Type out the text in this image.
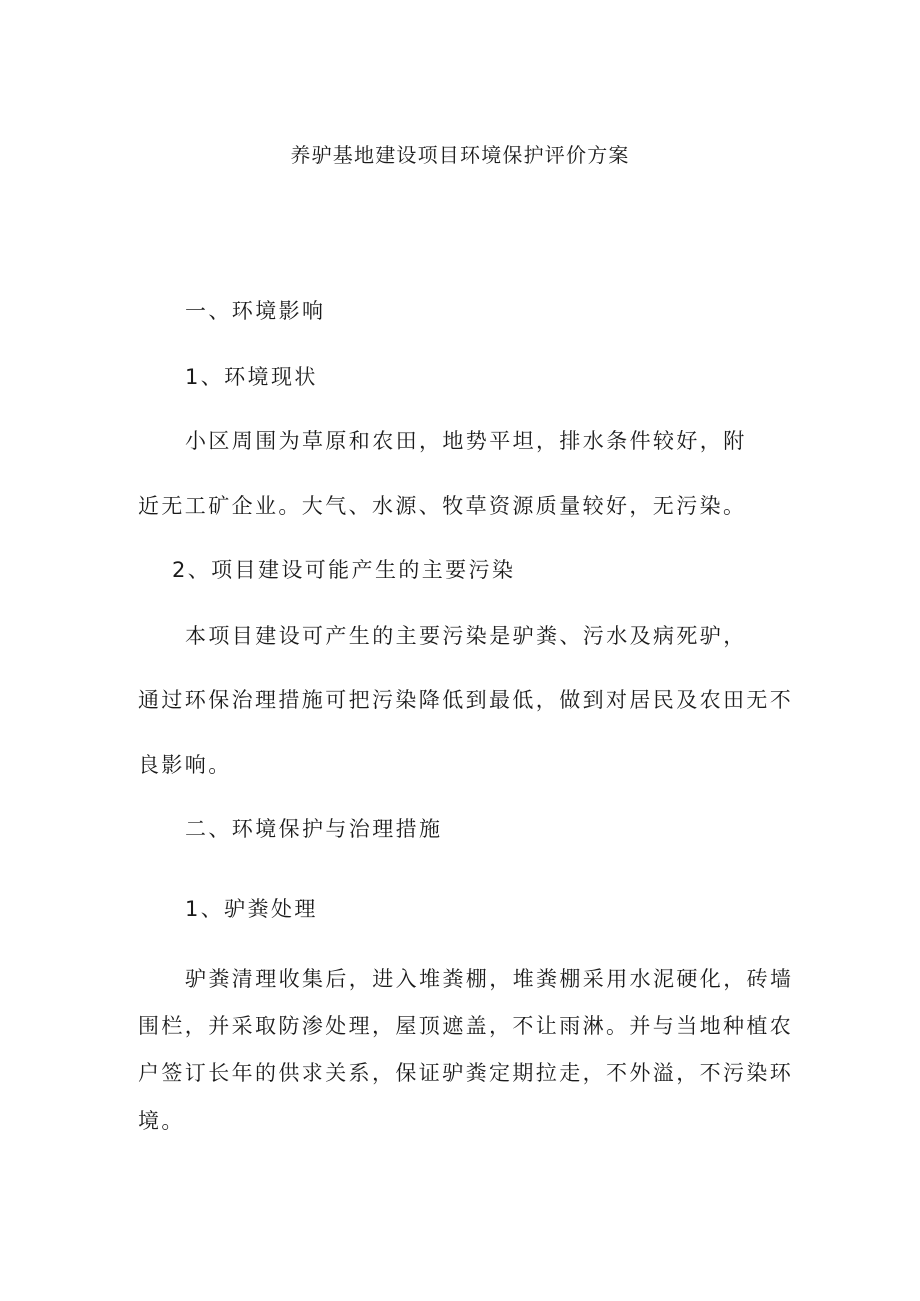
养驴基地建设项目环境保护评价方案
一、环境影响
1、环境现状
小区周围为草原和农田，地势平坦，排水条件较好，附
近无工矿企业。大气、水源、牧草资源质量较好，无污染。
2、项目建设可能产生的主要污染
本项目建设可产生的主要污染是驴粪、污水及病死驴，
通过环保治理措施可把污染降低到最低，做到对居民及农田无不
良影响。
二、环境保护与治理措施
1、驴粪处理
驴粪清理收集后，进入堆粪棚，堆粪棚采用水泥硬化，砖墙
围栏，并采取防渗处理，屋顶遮盖，不让雨淋。并与当地种植农
户签订长年的供求关系，保证驴粪定期拉走，不外溢，不污染环
境。
